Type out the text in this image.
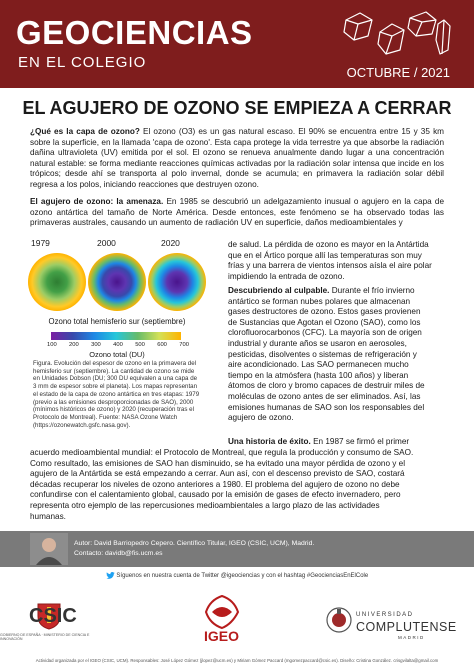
GEOCIENCIAS
EN EL COLEGIO
OCTUBRE / 2021
EL AGUJERO DE OZONO SE EMPIEZA A CERRAR
¿Qué es la capa de ozono? El ozono (O3) es un gas natural escaso. El 90% se encuentra entre 15 y 35 km sobre la superficie, en la llamada 'capa de ozono'. Esta capa protege la vida terrestre ya que absorbe la radiación dañina ultravioleta (UV) emitida por el sol. El ozono se renueva anualmente dando lugar a una concentración natural estable: se forma mediante reacciones químicas activadas por la radiación solar intensa que incide en los trópicos; desde ahí se transporta al polo invernal, donde se acumula; en primavera la radiación solar débil regresa a los polos, iniciando reacciones que destruyen ozono.
El agujero de ozono: la amenaza. En 1985 se descubrió un adelgazamiento inusual o agujero en la capa de ozono antártica del tamaño de Norte América. Desde entonces, este fenómeno se ha observado todas las primaveras australes, causando un aumento de radiación UV en superficie, daños medioambientales y
1979	2000	2020
Ozono total hemisferio sur (septiembre)
100 200 300 400 500 600 700
Ozono total (DU)
Figura. Evolución del espesor de ozono en la primavera del
hemisferio sur (septiembre). La cantidad de ozono se mide
en Unidades Dobson (DU; 300 DU equivalen a una capa de
3 mm de espesor sobre el planeta). Los mapas representan
el estado de la capa de ozono antártica en tres etapas: 1979
(previo a las emisiones desproporcionadas de SAO), 2000
(mínimos históricos de ozono) y 2020 (recuperación tras el
Protocolo de Montreal). Fuente: NASA Ozone Watch
(https://ozonewatch.gsfc.nasa.gov).
de salud. La pérdida de ozono es mayor en la Antártida
que en el Ártico porque allí las temperaturas son muy
frías y una barrera de vientos intensos aísla el aire polar
impidiendo la entrada de ozono.
Descubriendo al culpable. Durante el frío invierno
antártico se forman nubes polares que almacenan
gases destructores de ozono. Estos gases provienen
de Sustancias que Agotan el Ozono (SAO), como los
clorofluorocarbonos (CFC). La mayoría son de origen
industrial y durante años se usaron en aerosoles,
pesticidas, disolventes o sistemas de refrigeración y
aire acondicionado. Las SAO permanecen mucho
tiempo en la atmósfera (hasta 100 años) y liberan
átomos de cloro y bromo capaces de destruir miles de
moléculas de ozono antes de ser eliminados. Así, las
emisiones humanas de SAO son los responsables del
agujero de ozono.
Una historia de éxito. En 1987 se firmó el primer
acuerdo medioambiental mundial: el Protocolo de Montreal, que regula la producción y consumo de SAO.
Como resultado, las emisiones de SAO han disminuido, se ha evitado una mayor pérdida de ozono y el
agujero de la Antártida se está empezando a cerrar. Aun así, con el descenso previsto de SAO, costará
décadas recuperar los niveles de ozono anteriores a 1980. El problema del agujero de ozono no debe
confundirse con el calentamiento global, causado por la emisión de gases de efecto invernadero, pero
representa otro ejemplo de las repercusiones medioambientales a largo plazo de las actividades
humanas.
Autor: David Barriopedro Cepero. Científico Titular, IGEO (CSIC, UCM), Madrid.
Contacto: davidb@fis.ucm.es
Síguenos en nuestra cuenta de Twitter @igeociencias y con el hashtag #GeocienciasEnElCole
CSIC
GOBIERNO DE ESPAÑA · MINISTERIO DE CIENCIA E INNOVACIÓN	IGEO
UNIVERSIDAD
COMPLUTENSE
MADRID
Actividad organizada por el IGEO (CSIC, UCM). Responsables: José López Gómez (jlopez@ucm.es) y Miriam Gómez Paccard (mgomezpaccard@csic.es). Diseño: Cristina González. crisgvilalta@gmail.com
